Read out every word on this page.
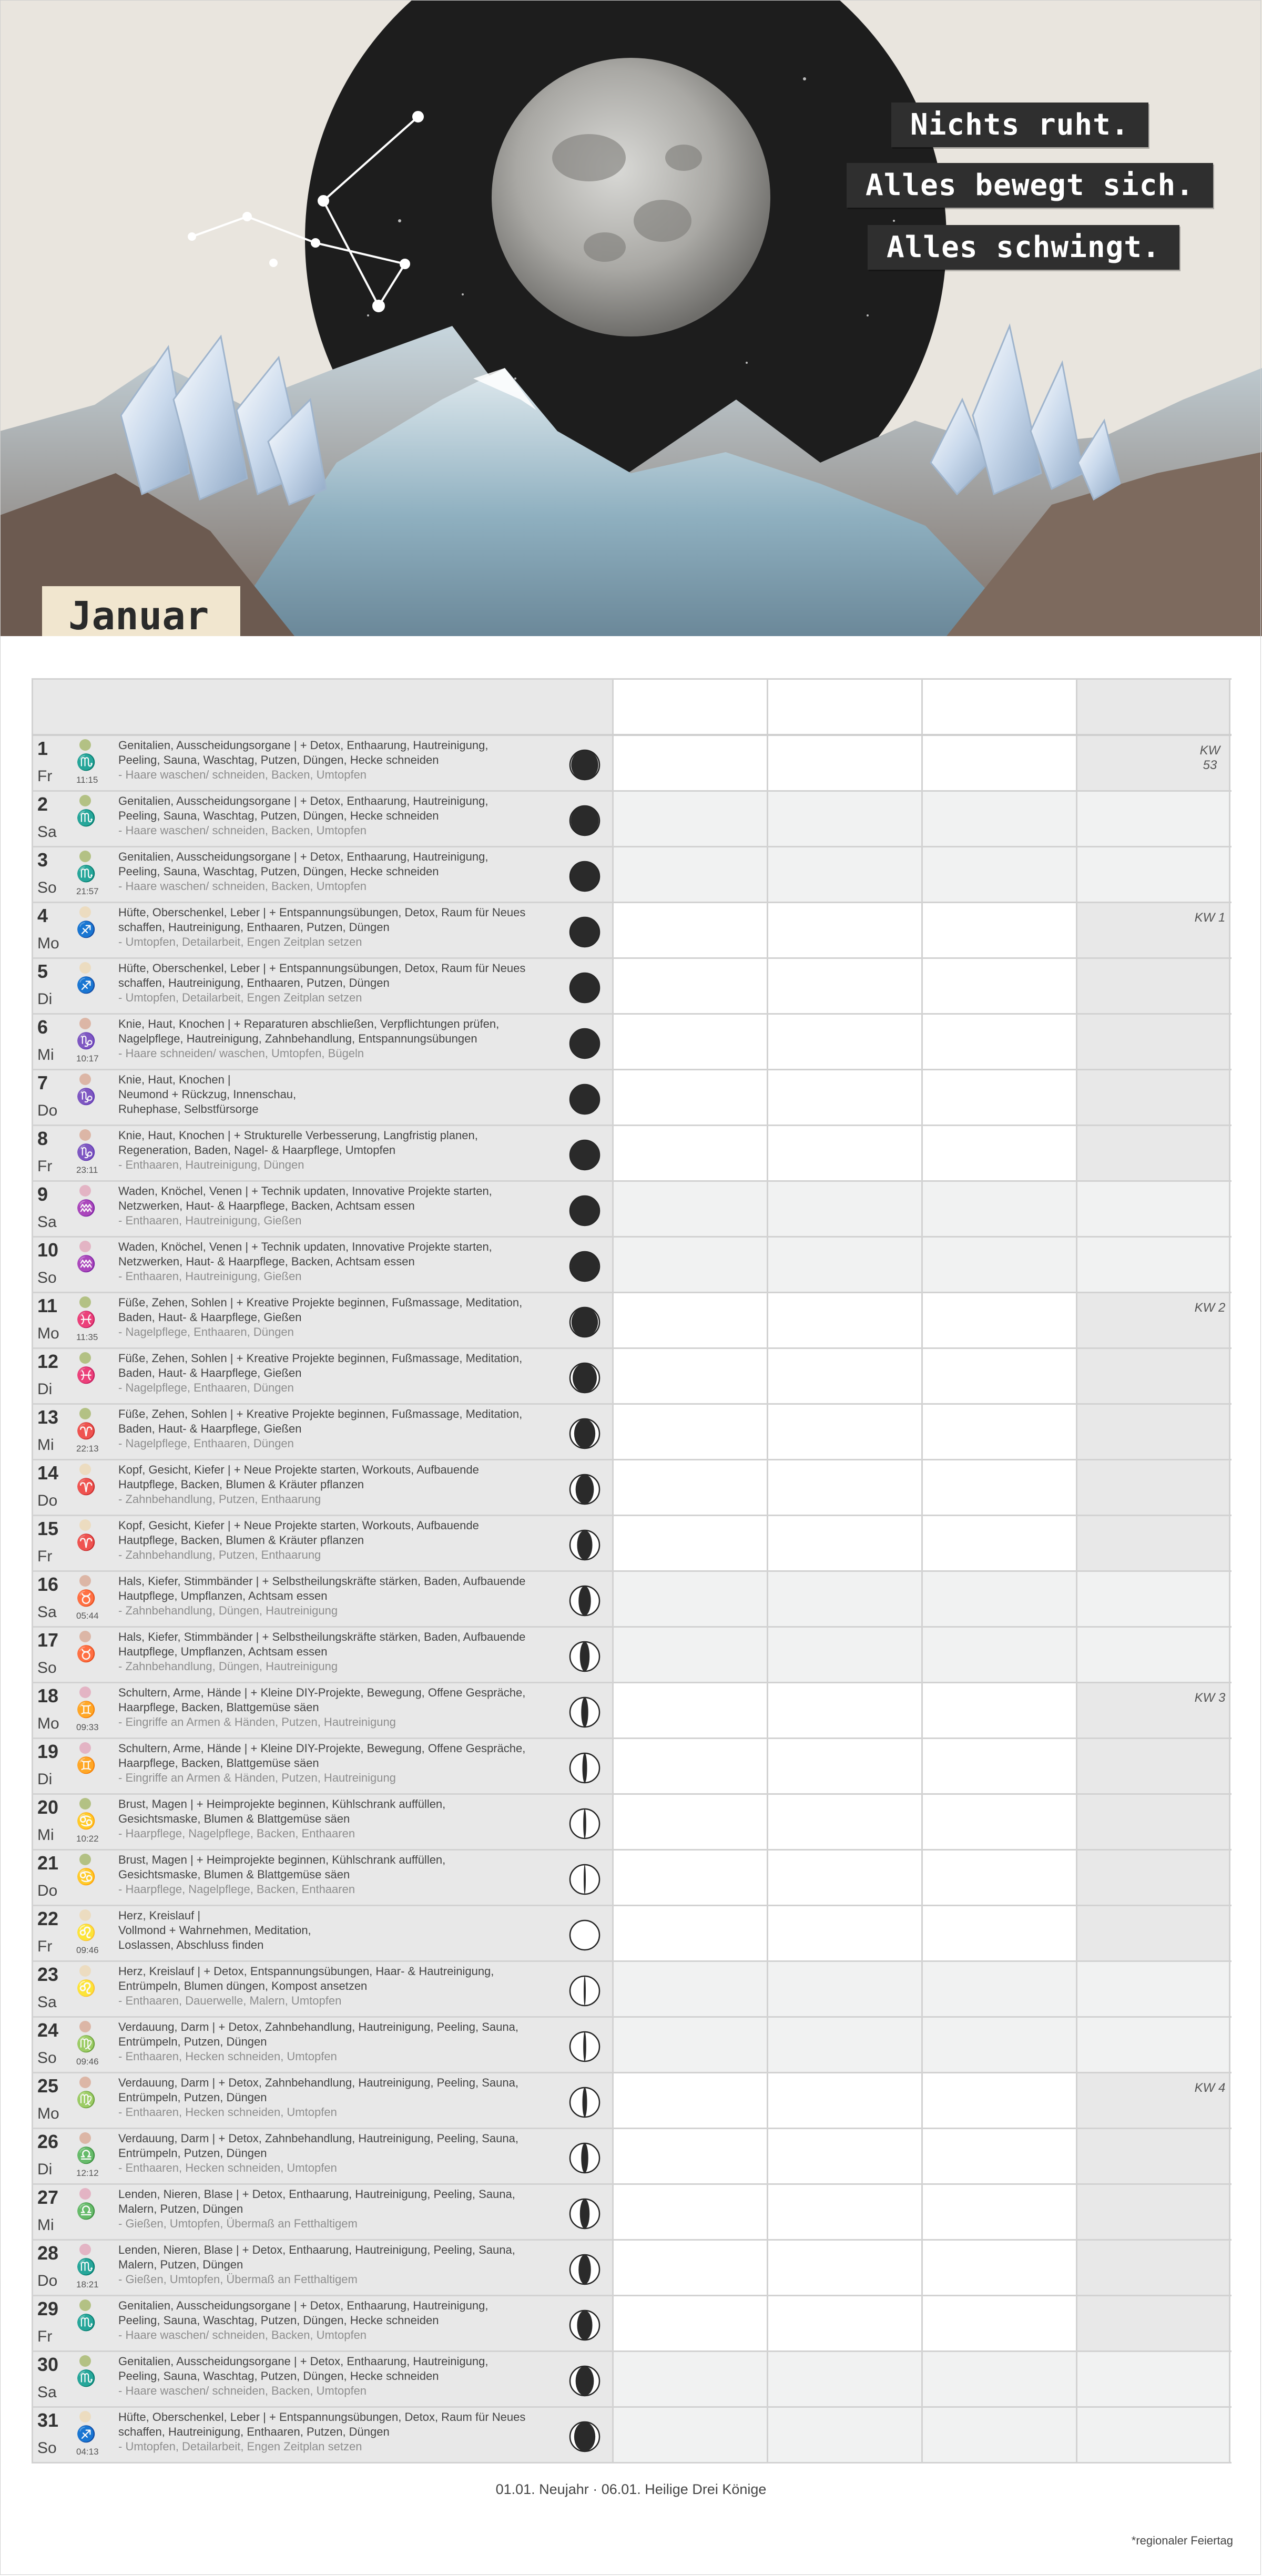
Nichts ruht.
Alles bewegt sich.
Alles schwingt.
Januar
1
Fr
♏
11:15
Genitalien, Ausscheidungsorgane | + Detox, Enthaarung, Hautreinigung,
Peeling, Sauna, Waschtag, Putzen, Düngen, Hecke schneiden
- Haare waschen/ schneiden, Backen, Umtopfen
KW 53
2
Sa
♏
Genitalien, Ausscheidungsorgane | + Detox, Enthaarung, Hautreinigung,
Peeling, Sauna, Waschtag, Putzen, Düngen, Hecke schneiden
- Haare waschen/ schneiden, Backen, Umtopfen
3
So
♏
21:57
Genitalien, Ausscheidungsorgane | + Detox, Enthaarung, Hautreinigung,
Peeling, Sauna, Waschtag, Putzen, Düngen, Hecke schneiden
- Haare waschen/ schneiden, Backen, Umtopfen
4
Mo
♐
Hüfte, Oberschenkel, Leber | + Entspannungsübungen, Detox, Raum für Neues
schaffen, Hautreinigung, Enthaaren, Putzen, Düngen
- Umtopfen, Detailarbeit, Engen Zeitplan setzen
KW 1
5
Di
♐
Hüfte, Oberschenkel, Leber | + Entspannungsübungen, Detox, Raum für Neues
schaffen, Hautreinigung, Enthaaren, Putzen, Düngen
- Umtopfen, Detailarbeit, Engen Zeitplan setzen
6
Mi
♑
10:17
Knie, Haut, Knochen | + Reparaturen abschließen, Verpflichtungen prüfen,
Nagelpflege, Hautreinigung, Zahnbehandlung, Entspannungsübungen
- Haare schneiden/ waschen, Umtopfen, Bügeln
7
Do
♑
Knie, Haut, Knochen |
Neumond + Rückzug, Innenschau,
Ruhephase, Selbstfürsorge
8
Fr
♑
23:11
Knie, Haut, Knochen | + Strukturelle Verbesserung, Langfristig planen,
Regeneration, Baden, Nagel- & Haarpflege, Umtopfen
- Enthaaren, Hautreinigung, Düngen
9
Sa
♒
Waden, Knöchel, Venen | + Technik updaten, Innovative Projekte starten,
Netzwerken, Haut- & Haarpflege, Backen, Achtsam essen
- Enthaaren, Hautreinigung, Gießen
10
So
♒
Waden, Knöchel, Venen | + Technik updaten, Innovative Projekte starten,
Netzwerken, Haut- & Haarpflege, Backen, Achtsam essen
- Enthaaren, Hautreinigung, Gießen
11
Mo
♓
11:35
Füße, Zehen, Sohlen | + Kreative Projekte beginnen, Fußmassage, Meditation,
Baden, Haut- & Haarpflege, Gießen
- Nagelpflege, Enthaaren, Düngen
KW 2
12
Di
♓
Füße, Zehen, Sohlen | + Kreative Projekte beginnen, Fußmassage, Meditation,
Baden, Haut- & Haarpflege, Gießen
- Nagelpflege, Enthaaren, Düngen
13
Mi
♈
22:13
Füße, Zehen, Sohlen | + Kreative Projekte beginnen, Fußmassage, Meditation,
Baden, Haut- & Haarpflege, Gießen
- Nagelpflege, Enthaaren, Düngen
14
Do
♈
Kopf, Gesicht, Kiefer | + Neue Projekte starten, Workouts, Aufbauende
Hautpflege, Backen, Blumen & Kräuter pflanzen
- Zahnbehandlung, Putzen, Enthaarung
15
Fr
♈
Kopf, Gesicht, Kiefer | + Neue Projekte starten, Workouts, Aufbauende
Hautpflege, Backen, Blumen & Kräuter pflanzen
- Zahnbehandlung, Putzen, Enthaarung
16
Sa
♉
05:44
Hals, Kiefer, Stimmbänder | + Selbstheilungskräfte stärken, Baden, Aufbauende
Hautpflege, Umpflanzen, Achtsam essen
- Zahnbehandlung, Düngen, Hautreinigung
17
So
♉
Hals, Kiefer, Stimmbänder | + Selbstheilungskräfte stärken, Baden, Aufbauende
Hautpflege, Umpflanzen, Achtsam essen
- Zahnbehandlung, Düngen, Hautreinigung
18
Mo
♊
09:33
Schultern, Arme, Hände | + Kleine DIY-Projekte, Bewegung, Offene Gespräche,
Haarpflege, Backen, Blattgemüse säen
- Eingriffe an Armen & Händen, Putzen, Hautreinigung
KW 3
19
Di
♊
Schultern, Arme, Hände | + Kleine DIY-Projekte, Bewegung, Offene Gespräche,
Haarpflege, Backen, Blattgemüse säen
- Eingriffe an Armen & Händen, Putzen, Hautreinigung
20
Mi
♋
10:22
Brust, Magen | + Heimprojekte beginnen, Kühlschrank auffüllen,
Gesichtsmaske, Blumen & Blattgemüse säen
- Haarpflege, Nagelpflege, Backen, Enthaaren
21
Do
♋
Brust, Magen | + Heimprojekte beginnen, Kühlschrank auffüllen,
Gesichtsmaske, Blumen & Blattgemüse säen
- Haarpflege, Nagelpflege, Backen, Enthaaren
22
Fr
♌
09:46
Herz, Kreislauf |
Vollmond + Wahrnehmen, Meditation,
Loslassen, Abschluss finden
23
Sa
♌
Herz, Kreislauf | + Detox, Entspannungsübungen, Haar- & Hautreinigung,
Entrümpeln, Blumen düngen, Kompost ansetzen
- Enthaaren, Dauerwelle, Malern, Umtopfen
24
So
♍
09:46
Verdauung, Darm | + Detox, Zahnbehandlung, Hautreinigung, Peeling, Sauna,
Entrümpeln, Putzen, Düngen
- Enthaaren, Hecken schneiden, Umtopfen
25
Mo
♍
Verdauung, Darm | + Detox, Zahnbehandlung, Hautreinigung, Peeling, Sauna,
Entrümpeln, Putzen, Düngen
- Enthaaren, Hecken schneiden, Umtopfen
KW 4
26
Di
♎
12:12
Verdauung, Darm | + Detox, Zahnbehandlung, Hautreinigung, Peeling, Sauna,
Entrümpeln, Putzen, Düngen
- Enthaaren, Hecken schneiden, Umtopfen
27
Mi
♎
Lenden, Nieren, Blase | + Detox, Enthaarung, Hautreinigung, Peeling, Sauna,
Malern, Putzen, Düngen
- Gießen, Umtopfen, Übermaß an Fetthaltigem
28
Do
♏
18:21
Lenden, Nieren, Blase | + Detox, Enthaarung, Hautreinigung, Peeling, Sauna,
Malern, Putzen, Düngen
- Gießen, Umtopfen, Übermaß an Fetthaltigem
29
Fr
♏
Genitalien, Ausscheidungsorgane | + Detox, Enthaarung, Hautreinigung,
Peeling, Sauna, Waschtag, Putzen, Düngen, Hecke schneiden
- Haare waschen/ schneiden, Backen, Umtopfen
30
Sa
♏
Genitalien, Ausscheidungsorgane | + Detox, Enthaarung, Hautreinigung,
Peeling, Sauna, Waschtag, Putzen, Düngen, Hecke schneiden
- Haare waschen/ schneiden, Backen, Umtopfen
31
So
♐
04:13
Hüfte, Oberschenkel, Leber | + Entspannungsübungen, Detox, Raum für Neues
schaffen, Hautreinigung, Enthaaren, Putzen, Düngen
- Umtopfen, Detailarbeit, Engen Zeitplan setzen
01.01. Neujahr · 06.01. Heilige Drei Könige
*regionaler Feiertag
